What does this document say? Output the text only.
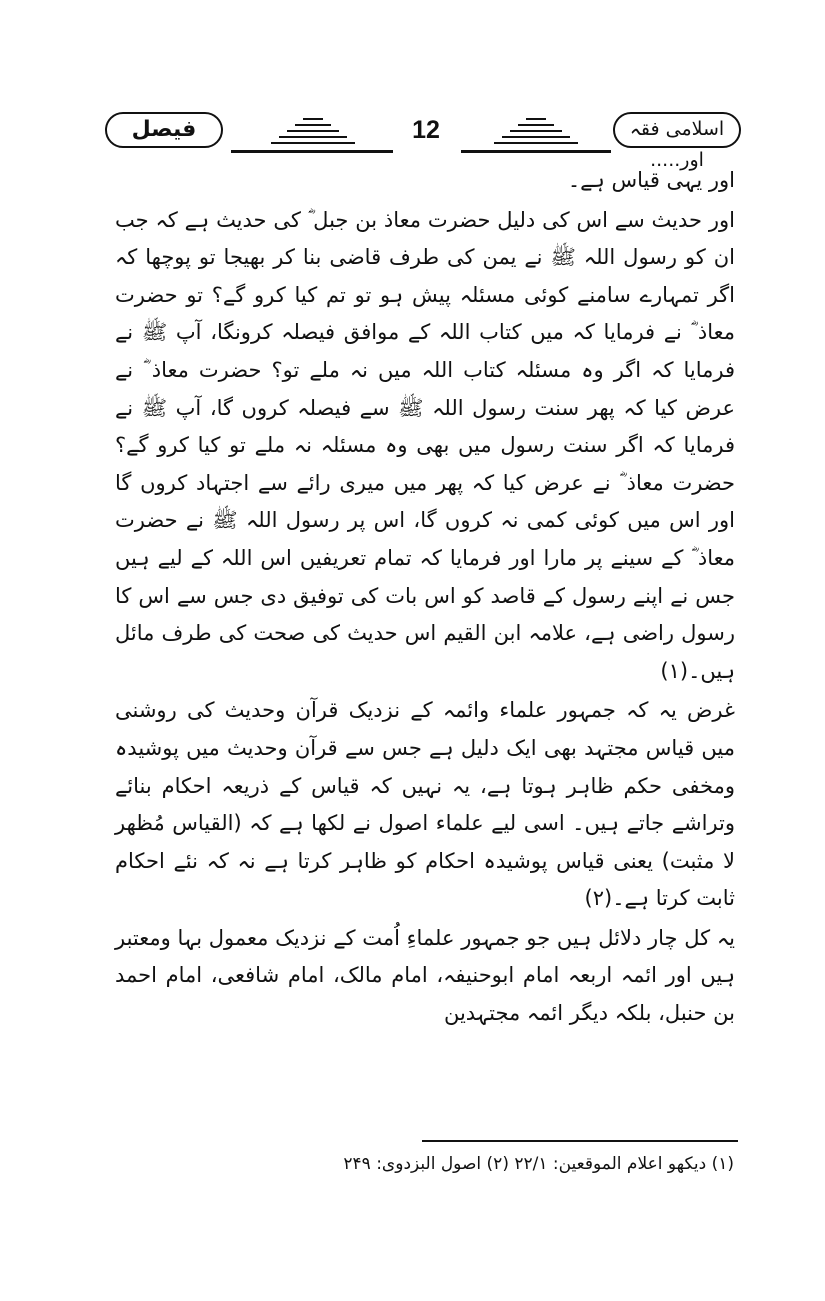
فیصل	12	اسلامی فقہ اور.....

اور یہی قیاس ہے۔

اور حدیث سے اس کی دلیل حضرت معاذ بن جبل ؓ کی حدیث ہے کہ جب ان کو رسول اللہ ﷺ نے یمن کی طرف قاضی بنا کر بھیجا تو پوچھا کہ اگر تمہارے سامنے کوئی مسئلہ پیش ہو تو تم کیا کرو گے؟ تو حضرت معاذ ؓ نے فرمایا کہ میں کتاب اللہ کے موافق فیصلہ کرونگا، آپ ﷺ نے فرمایا کہ اگر وہ مسئلہ کتاب اللہ میں نہ ملے تو؟ حضرت معاذ ؓ نے عرض کیا کہ پھر سنت رسول اللہ ﷺ سے فیصلہ کروں گا، آپ ﷺ نے فرمایا کہ اگر سنت رسول میں بھی وہ مسئلہ نہ ملے تو کیا کرو گے؟ حضرت معاذ ؓ نے عرض کیا کہ پھر میں میری رائے سے اجتہاد کروں گا اور اس میں کوئی کمی نہ کروں گا، اس پر رسول اللہ ﷺ نے حضرت معاذ ؓ کے سینے پر مارا اور فرمایا کہ تمام تعریفیں اس اللہ کے لیے ہیں جس نے اپنے رسول کے قاصد کو اس بات کی توفیق دی جس سے اس کا رسول راضی ہے، علامہ ابن القیم اس حدیث کی صحت کی طرف مائل ہیں۔(۱)

غرض یہ کہ جمہور علماء وائمہ کے نزدیک قرآن وحدیث کی روشنی میں قیاس مجتہد بھی ایک دلیل ہے جس سے قرآن وحدیث میں پوشیدہ ومخفی حکم ظاہر ہوتا ہے، یہ نہیں کہ قیاس کے ذریعہ احکام بنائے وتراشے جاتے ہیں۔ اسی لیے علماء اصول نے لکھا ہے کہ (القیاس مُظھر لا مثبت) یعنی قیاس پوشیدہ احکام کو ظاہر کرتا ہے نہ کہ نئے احکام ثابت کرتا ہے۔(۲)

یہ کل چار دلائل ہیں جو جمہور علماءِ اُمت کے نزدیک معمول بہا ومعتبر ہیں اور ائمہ اربعہ امام ابوحنیفہ، امام مالک، امام شافعی، امام احمد بن حنبل، بلکہ دیگر ائمہ مجتہدین

(۱) دیکھو اعلام الموقعین: ۲۲/۱ (۲) اصول البزدوی: ۲۴۹
